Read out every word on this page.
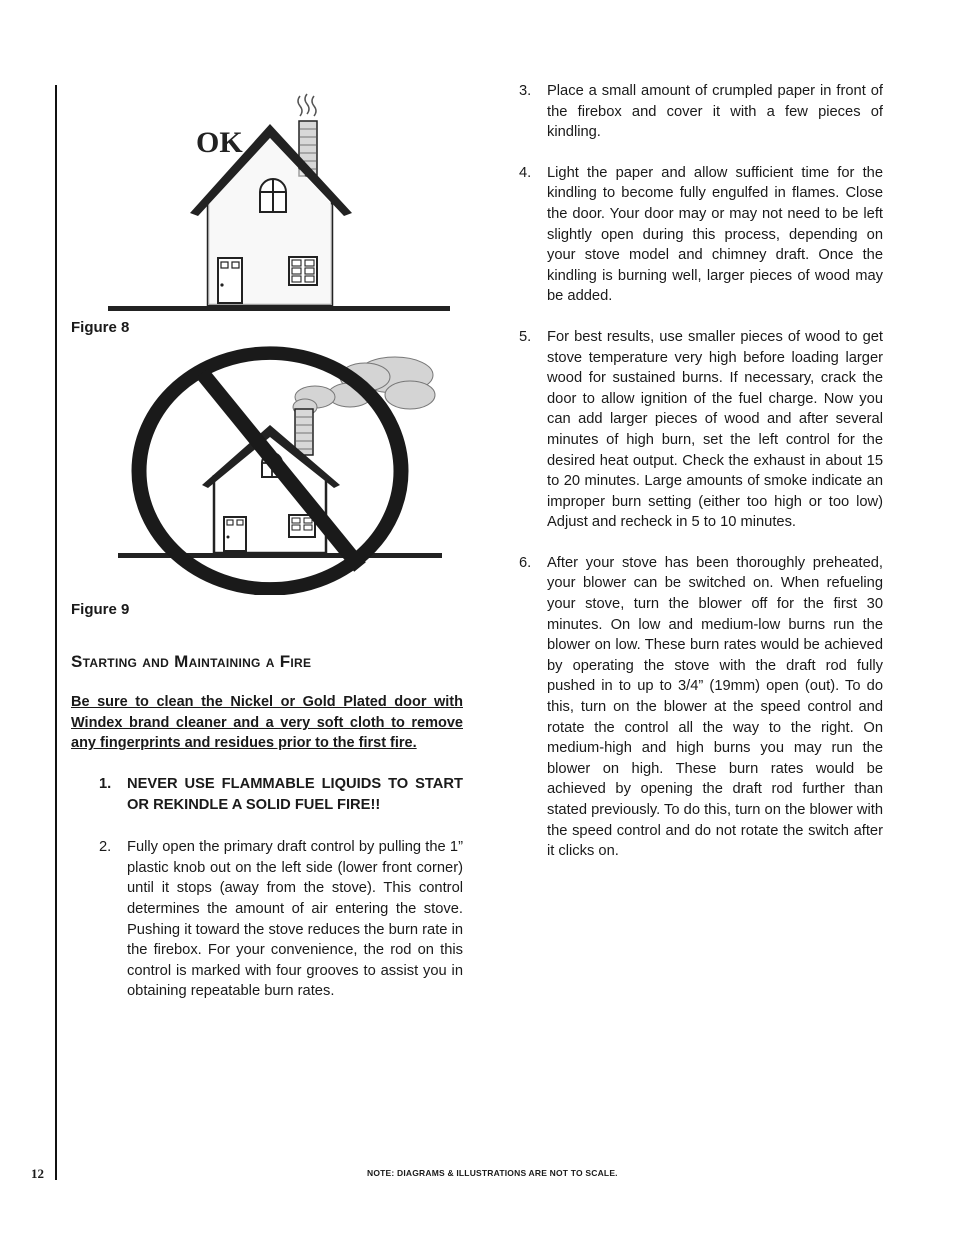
OK
Figure 8
Figure 9
Starting and Maintaining a Fire
Be sure to clean the Nickel or Gold Plated door with Windex brand cleaner and a very soft cloth to remove any fingerprints and residues prior to the first fire.
1. NEVER USE FLAMMABLE LIQUIDS TO START OR REKINDLE A SOLID FUEL FIRE!!
2. Fully open the primary draft control by pulling the 1” plastic knob out on the left side (lower front corner) until it stops (away from the stove). This control determines the amount of air entering the stove. Pushing it toward the stove reduces the burn rate in the firebox. For your convenience, the rod on this control is marked with four grooves to assist you in obtaining repeatable burn rates.
3. Place a small amount of crumpled paper in front of the firebox and cover it with a few pieces of kindling.
4. Light the paper and allow sufficient time for the kindling to become fully engulfed in flames. Close the door. Your door may or may not need to be left slightly open during this process, depending on your stove model and chimney draft. Once the kindling is burning well, larger pieces of wood may be added.
5. For best results, use smaller pieces of wood to get stove temperature very high before loading larger wood for sustained burns. If necessary, crack the door to allow ignition of the fuel charge. Now you can add larger pieces of wood and after several minutes of high burn, set the left control for the desired heat output. Check the exhaust in about 15 to 20 minutes. Large amounts of smoke indicate an improper burn setting (either too high or too low) Adjust and recheck in 5 to 10 minutes.
6. After your stove has been thoroughly preheated, your blower can be switched on. When refueling your stove, turn the blower off for the first 30 minutes. On low and medium-low burns run the blower on low. These burn rates would be achieved by operating the stove with the draft rod fully pushed in to up to 3/4” (19mm) open (out). To do this, turn on the blower at the speed control and rotate the control all the way to the right. On medium-high and high burns you may run the blower on high. These burn rates would be achieved by opening the draft rod further than stated previously. To do this, turn on the blower with the speed control and do not rotate the switch after it clicks on.
12	NOTE: DIAGRAMS & ILLUSTRATIONS ARE NOT TO SCALE.
